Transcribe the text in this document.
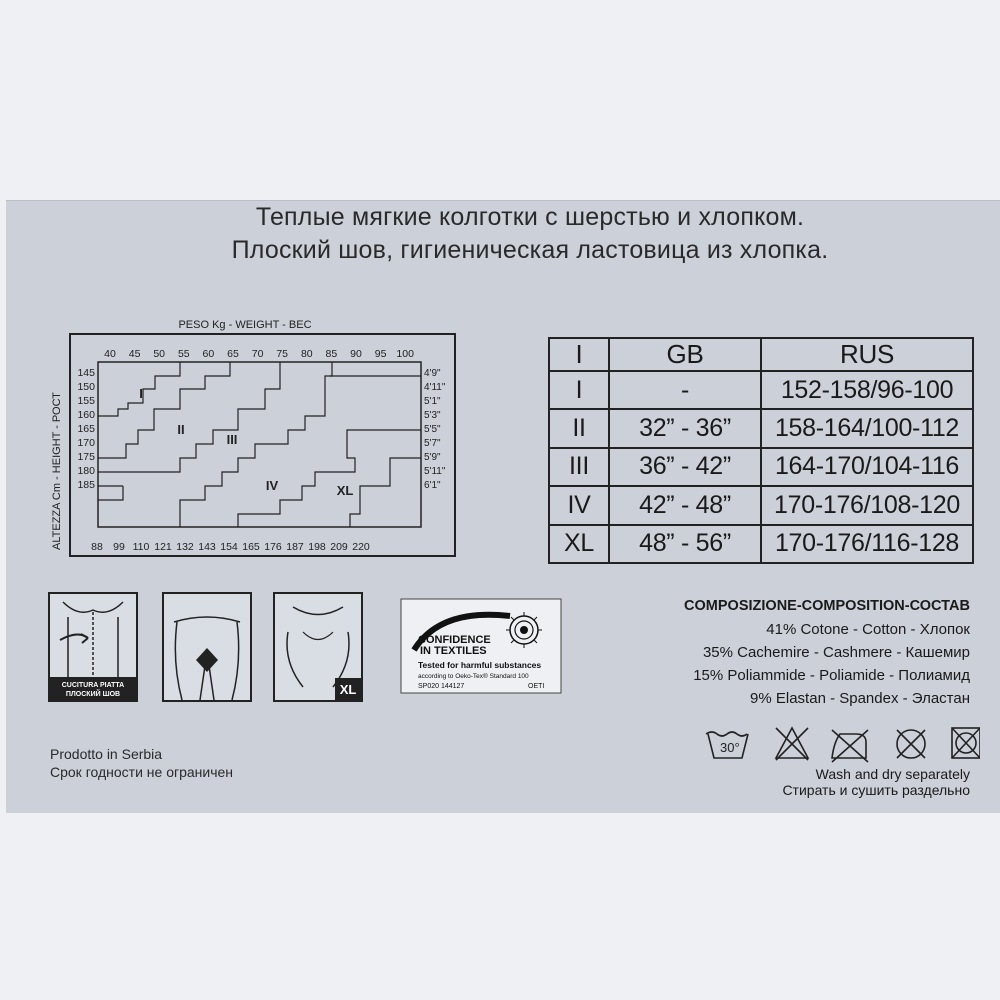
Теплые мягкие колготки с шерстью и хлопком.
Плоский шов, гигиеническая ластовица из хлопка.
PESO Kg - WEIGHT - ВЕС
ALTEZZA Cm - HEIGHT - РОСТ
40 45 50 55 60 65 70 75 80 85 90 95 100
145
150
155
160
165
170
175
180
185
4'9"
4'11"
5'1"
5'3"
5'5"
5'7"
5'9"
5'11"
6'1"
88 99 110 121 132 143 154 165 176 187 198 209 220
I
II
III
IV	XL
I	GB	RUS
I	-	152-158/96-100
II	32” - 36”	158-164/100-112
III	36” - 42”	164-170/104-116
IV	42” - 48”	170-176/108-120
XL	48” - 56”	170-176/116-128
CUCITURA PIATTA
ПЛОСКИЙ ШОВ	XL
CONFIDENCE
IN TEXTILES
Tested for harmful substances
according to Oeko-Tex® Standard 100
SP020 144127	OETI
COMPOSIZIONE-COMPOSITION-СОСТАВ
41% Cotone - Cotton - Хлопок
35% Cachemire - Cashmere - Кашемир
15% Poliammide - Poliamide - Полиамид
9% Elastan - Spandex - Эластан
30°
Wash and dry separately
Стирать и сушить раздельно
Prodotto in Serbia
Срок годности не ограничен
